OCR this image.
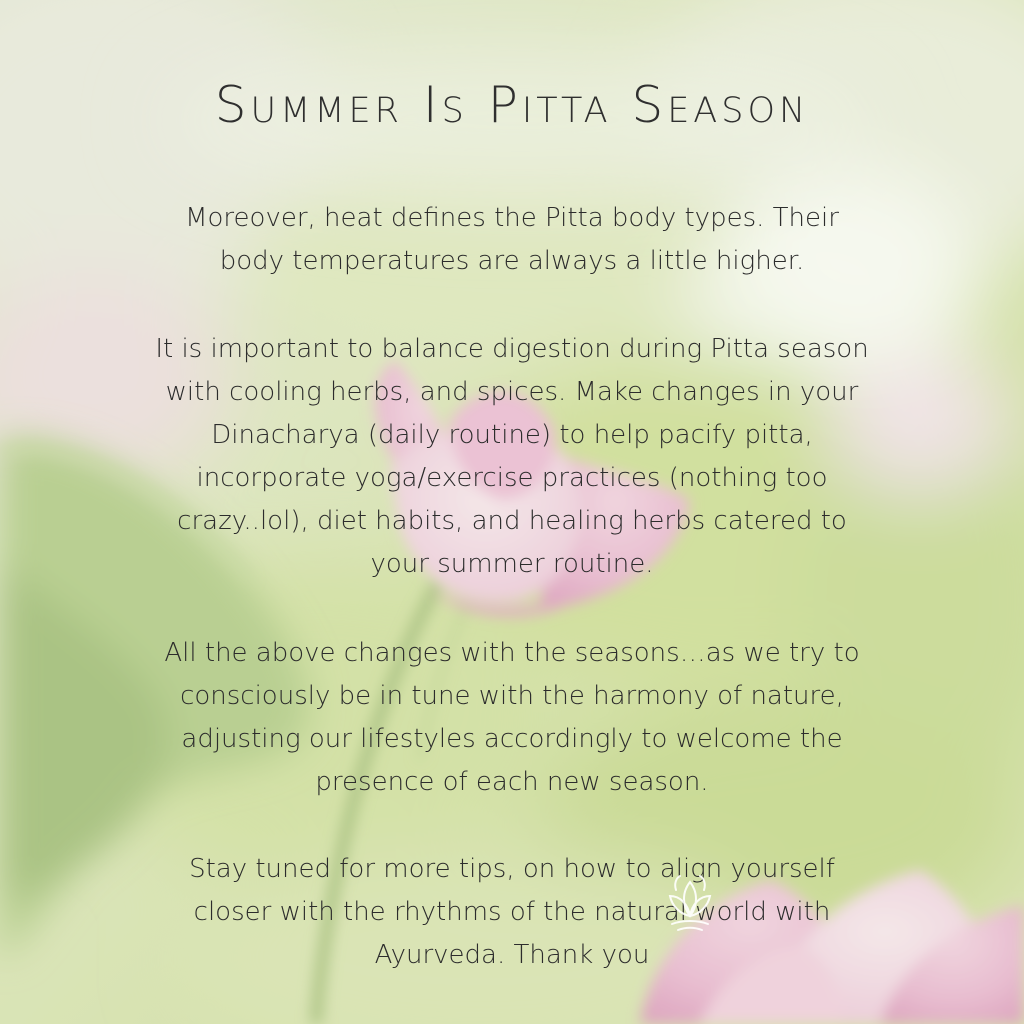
Summer Is Pitta Season

Moreover, heat defines the Pitta body types. Their
body temperatures are always a little higher.

It is important to balance digestion during Pitta season
with cooling herbs, and spices. Make changes in your
Dinacharya (daily routine) to help pacify pitta,
incorporate yoga/exercise practices (nothing too
crazy..lol), diet habits, and healing herbs catered to
your summer routine.

All the above changes with the seasons…as we try to
consciously be in tune with the harmony of nature,
adjusting our lifestyles accordingly to welcome the
presence of each new season.

Stay tuned for more tips, on how to align yourself
closer with the rhythms of the natural world with
Ayurveda. Thank you
